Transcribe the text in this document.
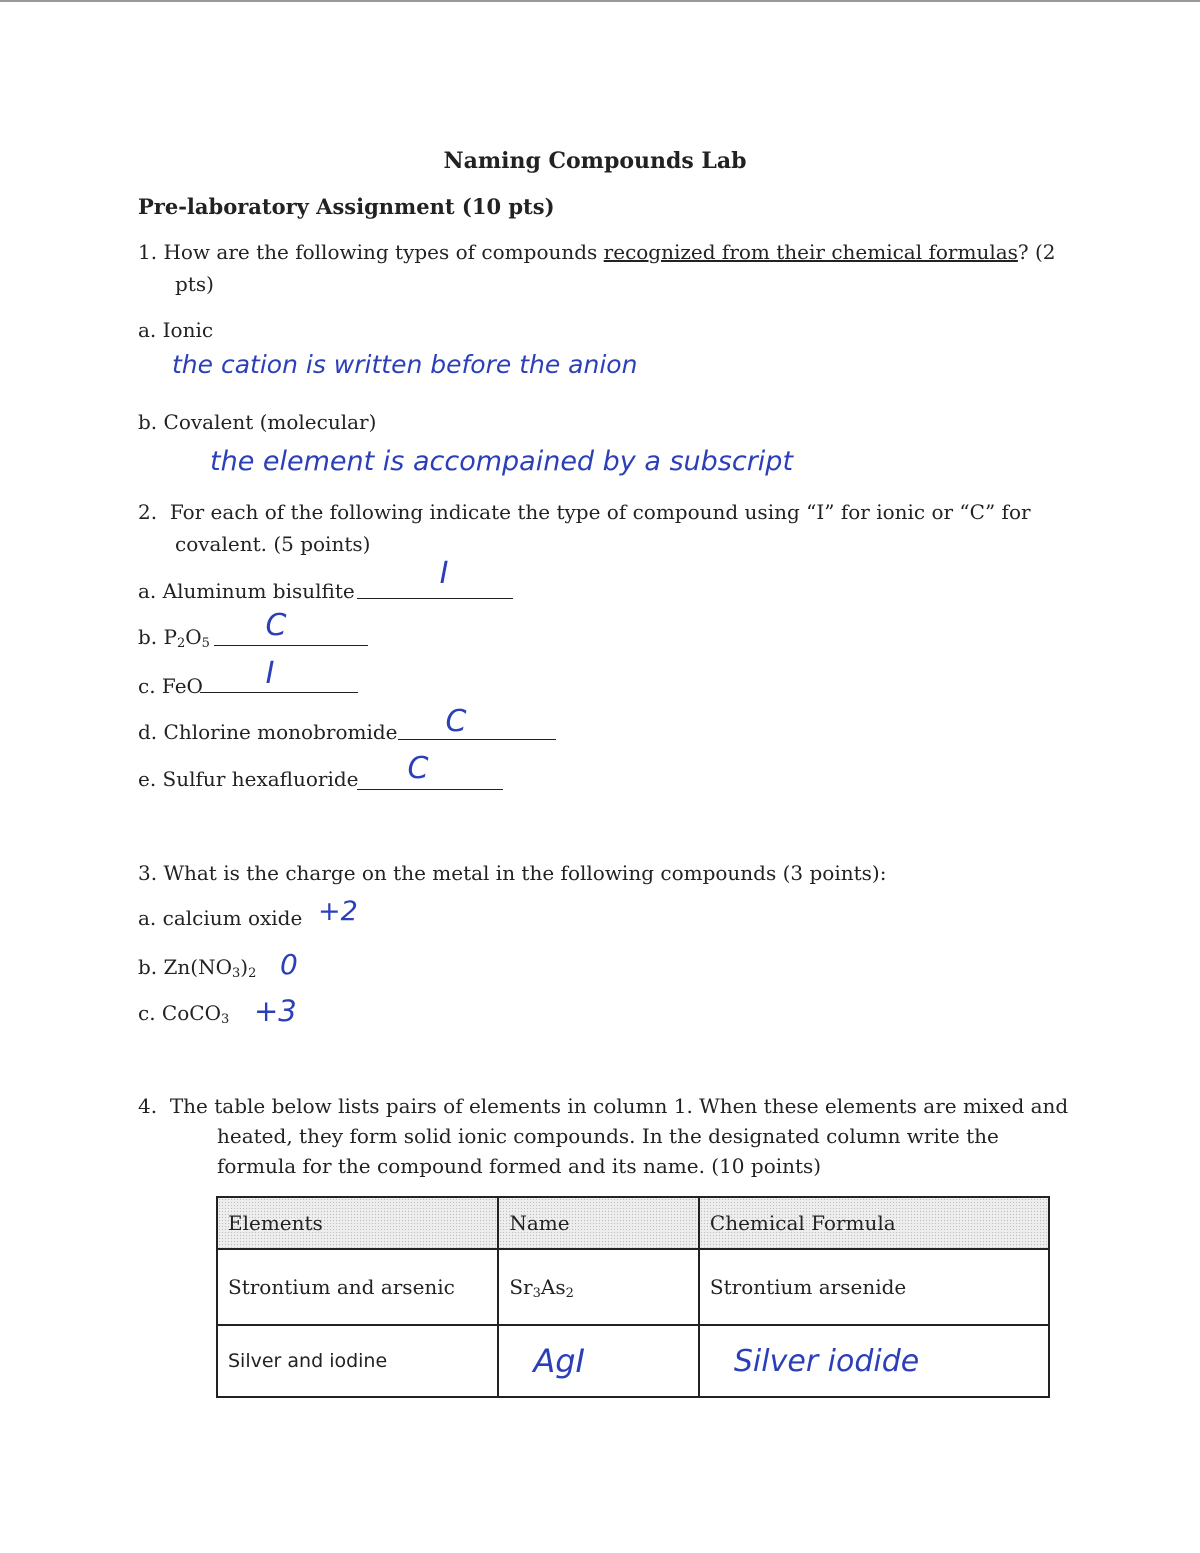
Naming Compounds Lab
Pre-laboratory Assignment (10 pts)
1. How are the following types of compounds recognized from their chemical formulas? (2
pts)
a. Ionic
the cation is written before the anion
b. Covalent (molecular)
the element is accompained by a subscript
2. For each of the following indicate the type of compound using “I” for ionic or “C” for
covalent. (5 points)
a. Aluminum bisulfite	I
b. $P_2O_5$
C
c. FeO	I
d. Chlorine monobromide	C
e. Sulfur hexafluoride	C
3. What is the charge on the metal in the following compounds (3 points):
a. calcium oxide +2
b. $Zn(NO_3)_2$ 0
c. CoCO$_3$ +3
4. The table below lists pairs of elements in column 1. When these elements are mixed and
heated, they form solid ionic compounds. In the designated column write the
formula for the compound formed and its name. (10 points)
Elements	Name	Chemical Formula
Strontium and arsenic	$Sr_3As_2$	Strontium arsenide
Silver and iodine	AgI	Silver iodide
